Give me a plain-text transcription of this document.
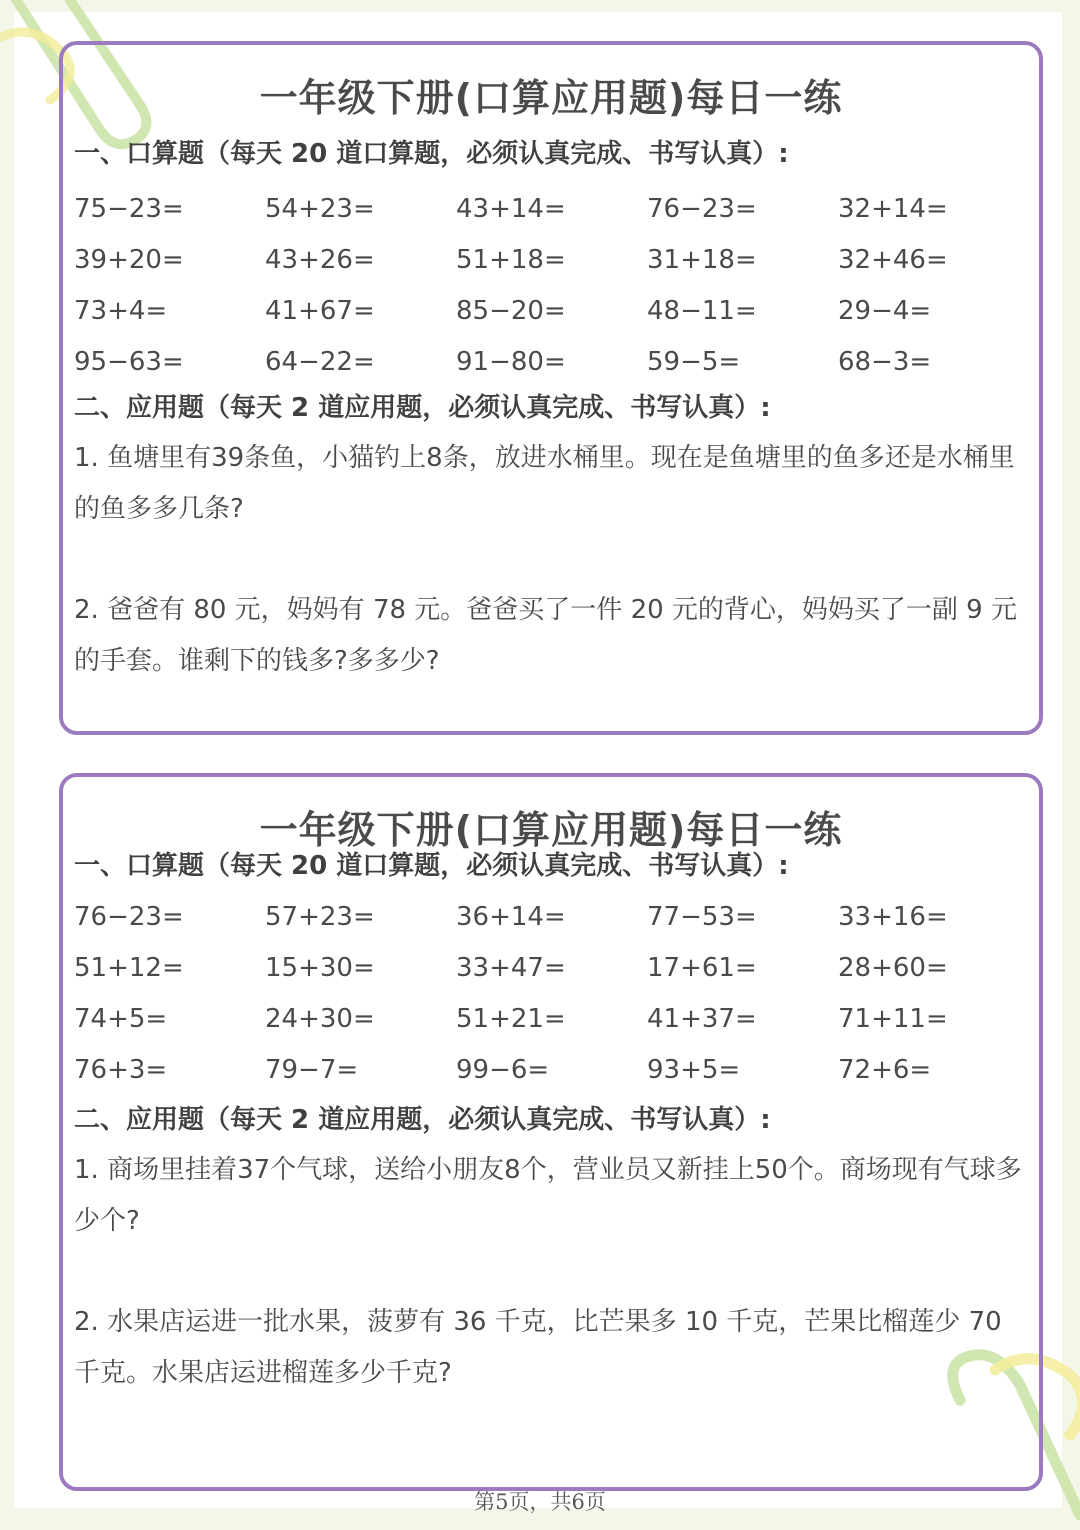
一年级下册(口算应用题)每日一练
一、口算题（每天 20 道口算题，必须认真完成、书写认真）:
75−23=	54+23=	43+14=	76−23=	32+14=
39+20=	43+26=	51+18=	31+18=	32+46=
73+4=	41+67=	85−20=	48−11=	29−4=
95−63=	64−22=	91−80=	59−5=	68−3=
二、应用题（每天 2 道应用题，必须认真完成、书写认真）:
1. 鱼塘里有39条鱼，小猫钓上8条，放进水桶里。现在是鱼塘里的鱼多还是水桶里的鱼多多几条?
2. 爸爸有 80 元，妈妈有 78 元。爸爸买了一件 20 元的背心，妈妈买了一副 9 元的手套。谁剩下的钱多?多多少?
一年级下册(口算应用题)每日一练
一、口算题（每天 20 道口算题，必须认真完成、书写认真）:
76−23=	57+23=	36+14=	77−53=	33+16=
51+12=	15+30=	33+47=	17+61=	28+60=
74+5=	24+30=	51+21=	41+37=	71+11=
76+3=	79−7=	99−6=	93+5=	72+6=
二、应用题（每天 2 道应用题，必须认真完成、书写认真）:
1. 商场里挂着37个气球，送给小朋友8个，营业员又新挂上50个。商场现有气球多少个?
2. 水果店运进一批水果，菠萝有 36 千克，比芒果多 10 千克，芒果比榴莲少 70 千克。水果店运进榴莲多少千克?
第5页，共6页
